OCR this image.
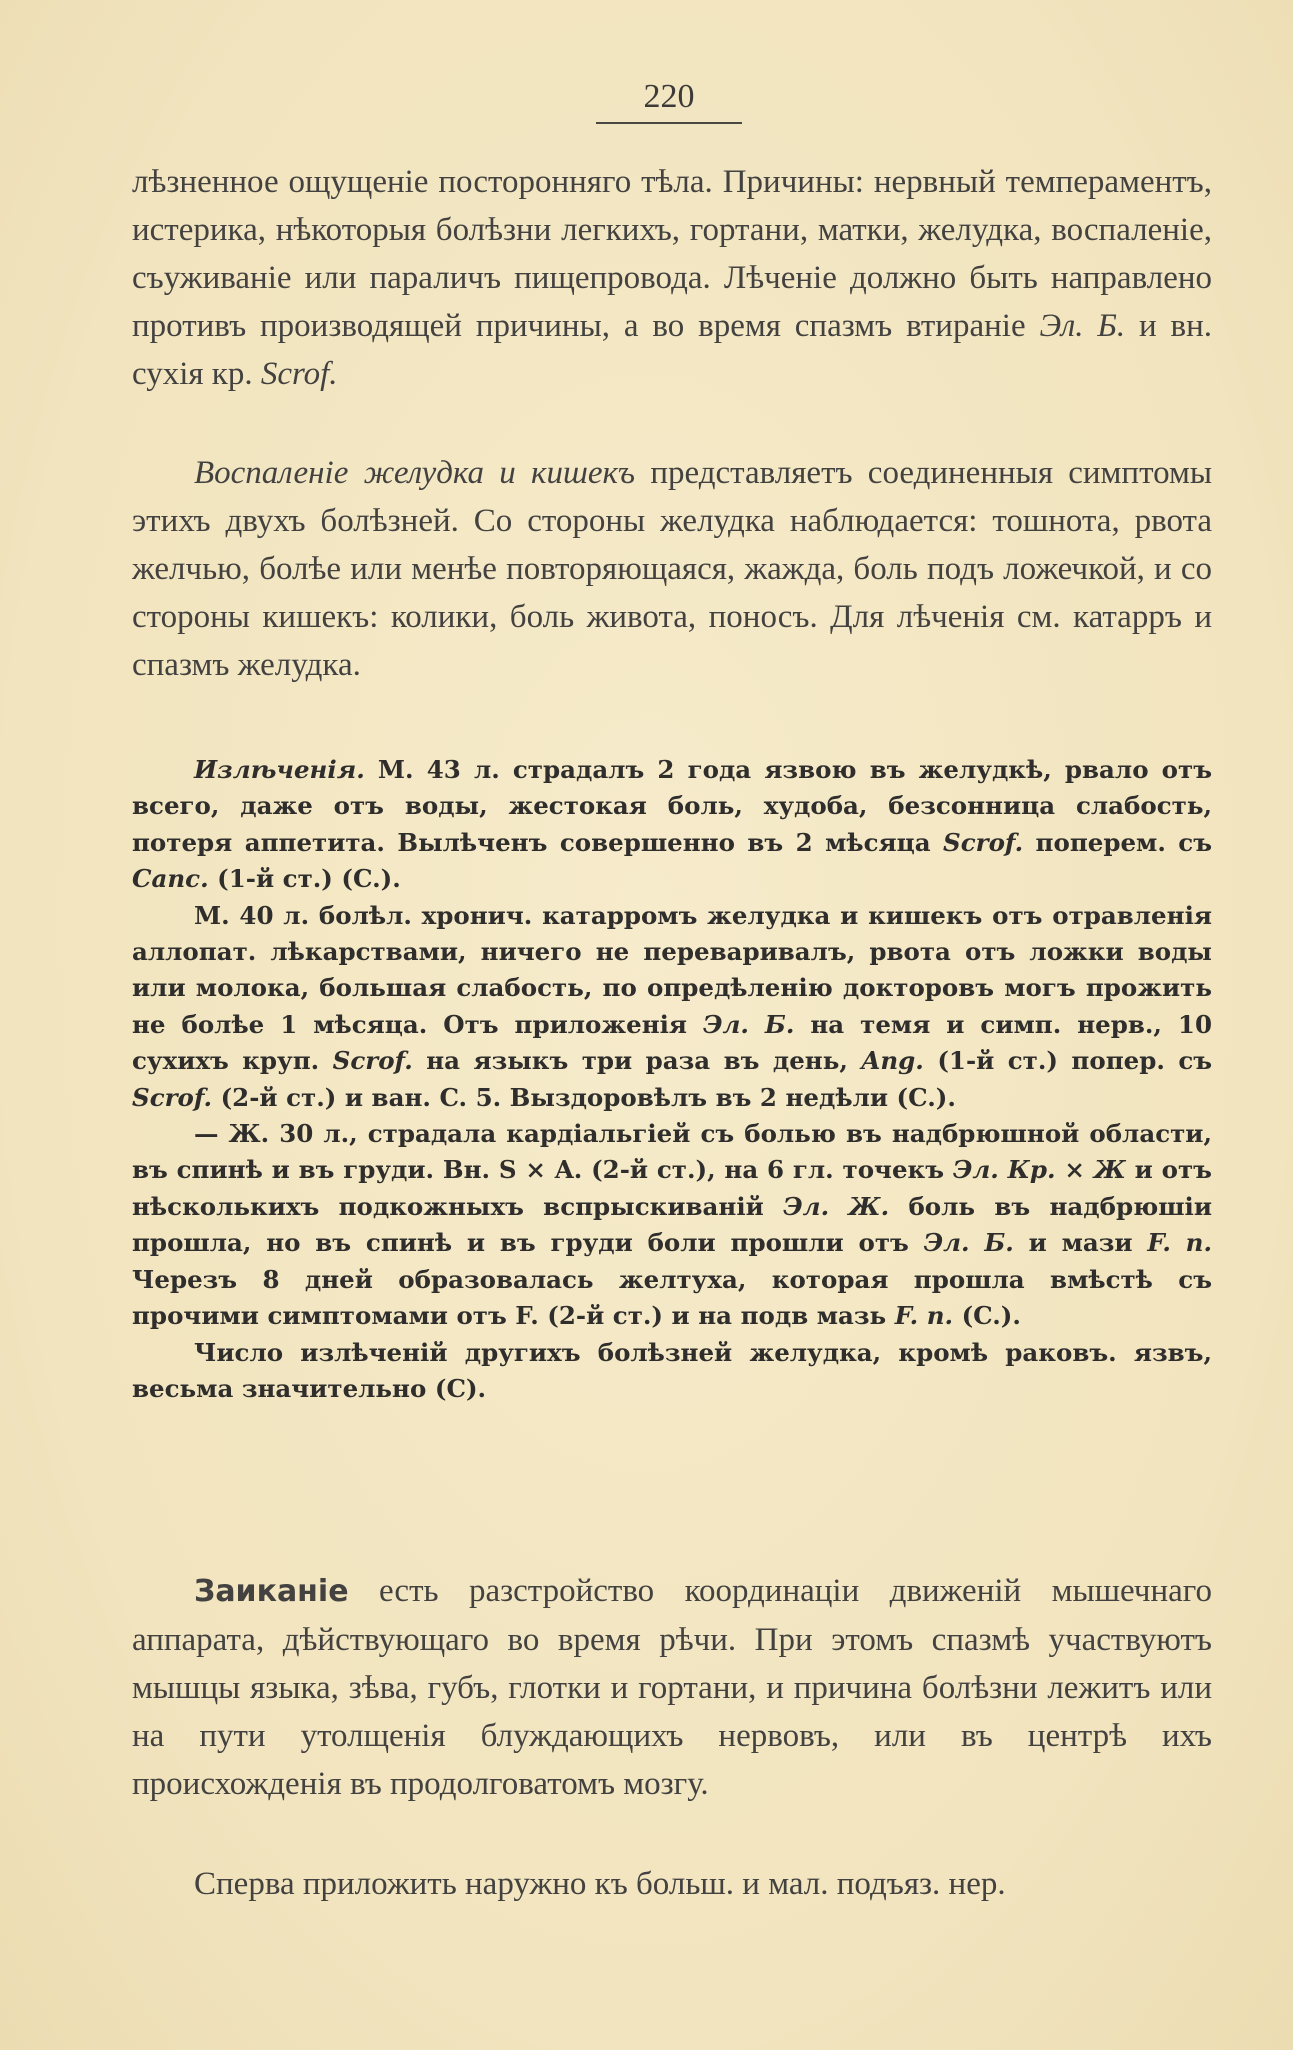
220

лѣзненное ощущеніе посторонняго тѣла. Причины: нервный темпераментъ, истерика, нѣкоторыя болѣзни легкихъ, гортани, матки, желудка, воспаленіе, съуживаніе или параличъ пищепровода. Лѣченіе должно быть направлено противъ производящей причины, а во время спазмъ втираніе Эл. Б. и вн. сухія кр. Scrof.

Воспаленіе желудка и кишекъ представляетъ соединенныя симптомы этихъ двухъ болѣзней. Со стороны желудка наблюдается: тошнота, рвота желчью, болѣе или менѣе повторяющаяся, жажда, боль подъ ложечкой, и со стороны кишекъ: колики, боль живота, поносъ. Для лѣченія см. катарръ и спазмъ желудка.

Излѣченія. М. 43 л. страдалъ 2 года язвою въ желудкѣ, рвало отъ всего, даже отъ воды, жестокая боль, худоба, безсонница слабость, потеря аппетита. Вылѣченъ совершенно въ 2 мѣсяца Scrof. поперем. съ Canc. (1-й ст.) (C.).

М. 40 л. болѣл. хронич. катарромъ желудка и кишекъ отъ отравленія аллопат. лѣкарствами, ничего не переваривалъ, рвота отъ ложки воды или молока, большая слабость, по опредѣленію докторовъ могъ прожить не болѣе 1 мѣсяца. Отъ приложенія Эл. Б. на темя и симп. нерв., 10 сухихъ круп. Scrof. на языкъ три раза въ день, Ang. (1-й ст.) попер. съ Scrof. (2-й ст.) и ван. C. 5. Выздоровѣлъ въ 2 недѣли (C.).

— Ж. 30 л., страдала кардіальгіей съ болью въ надбрюшной области, въ спинѣ и въ груди. Вн. S × A. (2-й ст.), на 6 гл. точекъ Эл. Кр. × Ж и отъ нѣсколькихъ подкожныхъ вспрыскиваній Эл. Ж. боль въ надбрюшіи прошла, но въ спинѣ и въ груди боли прошли отъ Эл. Б. и мази F. n. Черезъ 8 дней образовалась желтуха, которая прошла вмѣстѣ съ прочими симптомами отъ F. (2-й ст.) и на подв мазь F. n. (C.).

Число излѣченій другихъ болѣзней желудка, кромѣ раковъ. язвъ, весьма значительно (C).

Заиканіе есть разстройство координаціи движеній мышечнаго аппарата, дѣйствующаго во время рѣчи. При этомъ спазмѣ участвуютъ мышцы языка, зѣва, губъ, глотки и гортани, и причина болѣзни лежитъ или на пути утолщенія блуждающихъ нервовъ, или въ центрѣ ихъ происхожденія въ продолговатомъ мозгу.

Сперва приложить наружно къ больш. и мал. подъяз. нер.
